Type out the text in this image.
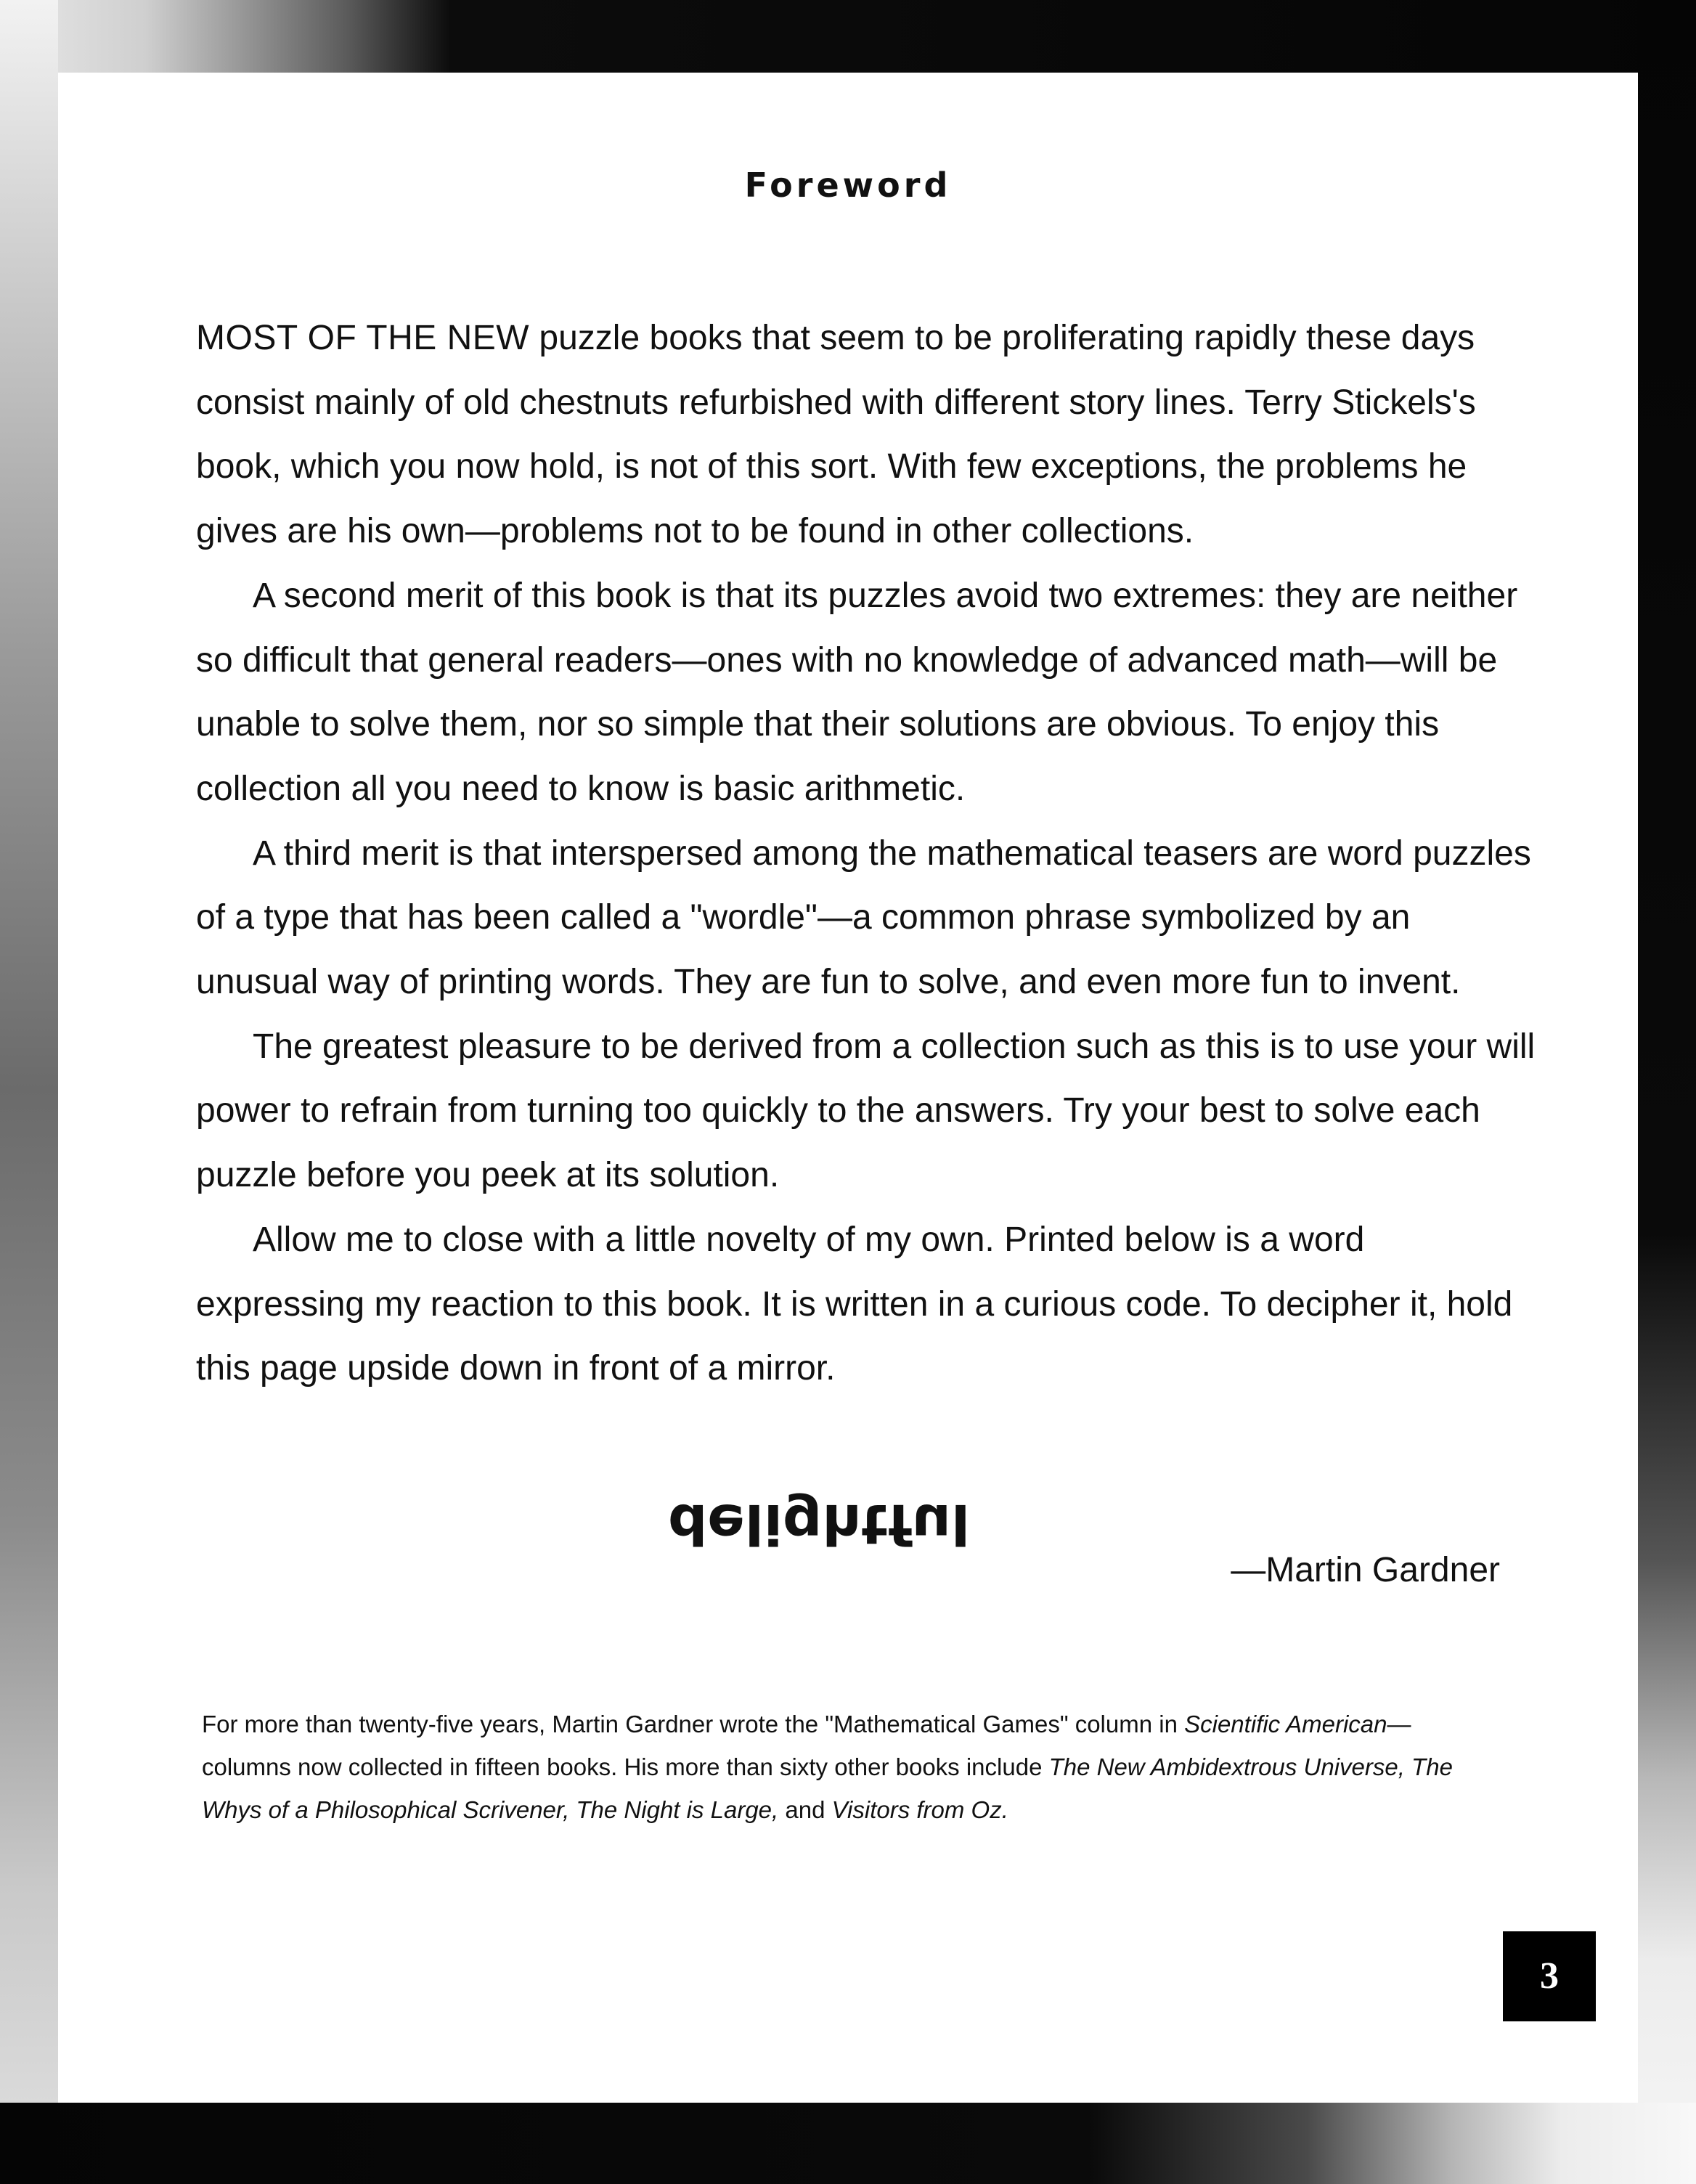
Foreword

MOST OF THE NEW puzzle books that seem to be proliferating rapidly these days consist mainly of old chestnuts refurbished with different story lines. Terry Stickels's book, which you now hold, is not of this sort. With few exceptions, the problems he gives are his own—problems not to be found in other collections.

A second merit of this book is that its puzzles avoid two extremes: they are neither so difficult that general readers—ones with no knowledge of advanced math—will be unable to solve them, nor so simple that their solutions are obvious. To enjoy this collection all you need to know is basic arithmetic.

A third merit is that interspersed among the mathematical teasers are word puzzles of a type that has been called a "wordle"—a common phrase symbolized by an unusual way of printing words. They are fun to solve, and even more fun to invent.

The greatest pleasure to be derived from a collection such as this is to use your will power to refrain from turning too quickly to the answers. Try your best to solve each puzzle before you peek at its solution.

Allow me to close with a little novelty of my own. Printed below is a word expressing my reaction to this book. It is written in a curious code. To decipher it, hold this page upside down in front of a mirror.

delightful
—Martin Gardner

For more than twenty-five years, Martin Gardner wrote the "Mathematical Games" column in Scientific American—columns now collected in fifteen books. His more than sixty other books include The New Ambidextrous Universe, The Whys of a Philosophical Scrivener, The Night is Large, and Visitors from Oz.

3
